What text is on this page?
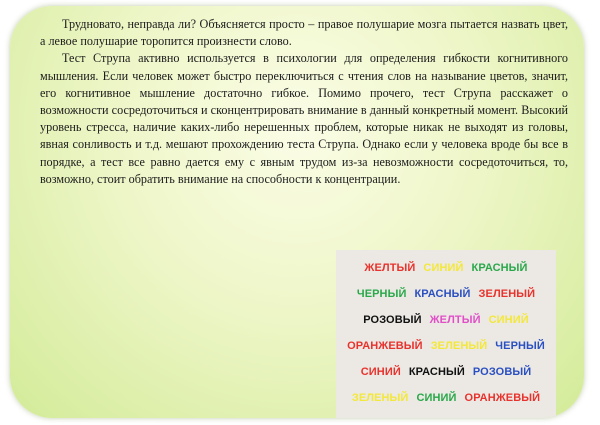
Трудновато, неправда ли? Объясняется просто – правое полушарие мозга пытается назвать цвет, а левое полушарие торопится произнести слово.

Тест Струпа активно используется в психологии для определения гибкости когнитивного мышления. Если человек может быстро переключиться с чтения слов на называние цветов, значит, его когнитивное мышление достаточно гибкое. Помимо прочего, тест Струпа расскажет о возможности сосредоточиться и сконцентрировать внимание в данный конкретный момент. Высокий уровень стресса, наличие каких-либо нерешенных проблем, которые никак не выходят из головы, явная сонливость и т.д. мешают прохождению теста Струпа. Однако если у человека вроде бы все в порядке, а тест все равно дается ему с явным трудом из-за невозможности сосредоточиться, то, возможно, стоит обратить внимание на способности к концентрации.

ЖЕЛТЫЙ СИНИЙ КРАСНЫЙ
ЧЕРНЫЙ КРАСНЫЙ ЗЕЛЕНЫЙ
РОЗОВЫЙ ЖЕЛТЫЙ СИНИЙ
ОРАНЖЕВЫЙ ЗЕЛЕНЫЙ ЧЕРНЫЙ
СИНИЙ КРАСНЫЙ РОЗОВЫЙ
ЗЕЛЕНЫЙ СИНИЙ ОРАНЖЕВЫЙ
